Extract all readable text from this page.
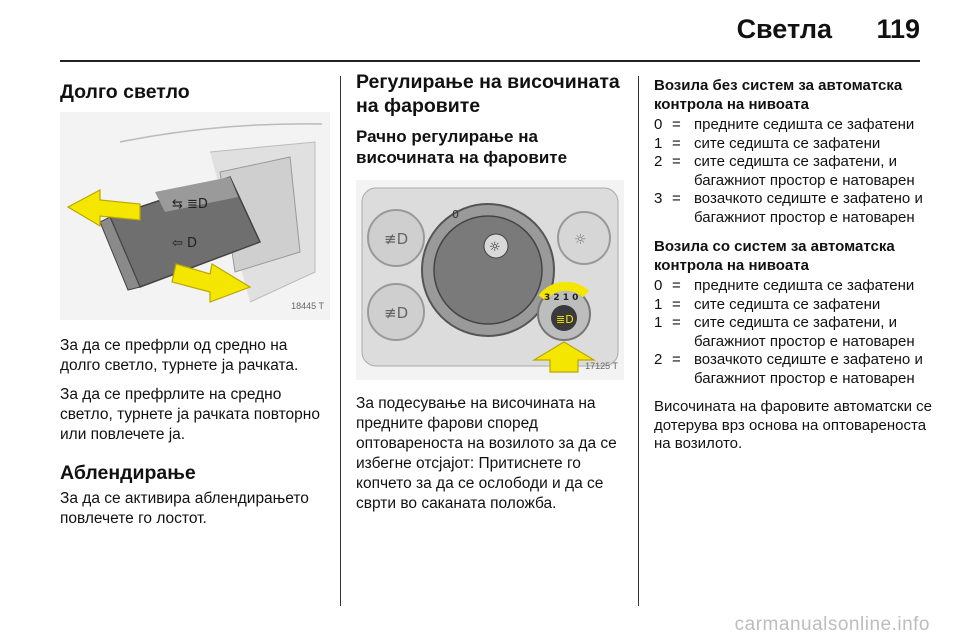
Светла 119
Долго светло
⇆ ≣D
⇦ D
18445 T

За да се префрли од средно на долго светло, турнете ја рачката.

За да се префрлите на средно светло, турнете ја рачката повторно или повлечете ја.

Аблендирање

За да се активира аблендирањето повлечете го лостот.

Регулирање на височината на фаровите
Рачно регулирање на височината на фаровите
≢D
≢D
☼
☼
0
3 2 1 0
≣D
17125 T

За подесување на височината на предните фарови според оптовареноста на возилото за да се избегне отсјајот: Притиснете го копчето за да се ослободи и да се сврти во саканата положба.

Возила без систем за автоматска контрола на нивоата
0 = предните седишта се зафатени
1 = сите седишта се зафатени
2 = сите седишта се зафатени, и багажниот простор е натоварен
3 = возачкото седиште е зафатено и багажниот простор е натоварен
Возила со систем за автоматска контрола на нивоата
0 = предните седишта се зафатени
1 = сите седишта се зафатени
1 = сите седишта се зафатени, и багажниот простор е натоварен
2 = возачкото седиште е зафатено и багажниот простор е натоварен

Височината на фаровите автоматски се дотерува врз основа на оптовареноста на возилото.

carmanualsonline.info
